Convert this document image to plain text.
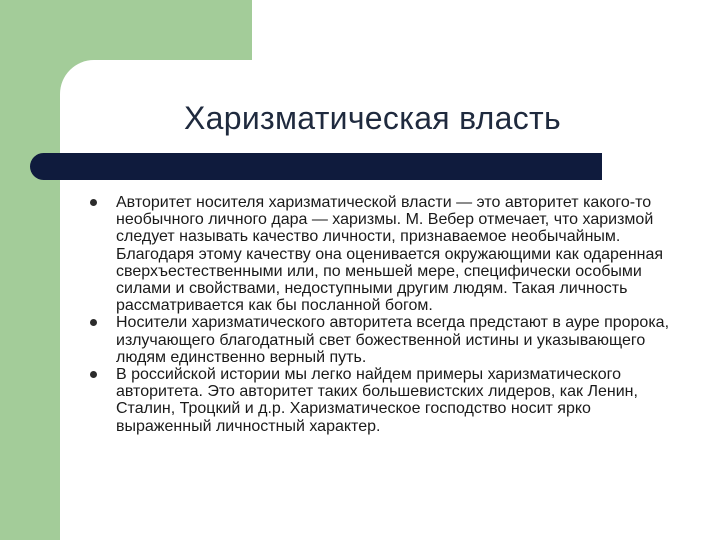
Харизматическая власть
Авторитет носителя харизматической власти — это авторитет какого-то необычного личного дара — харизмы. М. Вебер отмечает, что харизмой следует называть качество личности, признаваемое необычайным. Благодаря этому качеству она оценивается окружающими как одаренная сверхъестественными или, по меньшей мере, специфически особыми силами и свойствами, недоступными другим людям. Такая личность рассматривается как бы посланной богом.
Носители харизматического авторитета всегда предстают в ауре пророка, излучающего благодатный свет божественной истины и указывающего людям единственно верный путь.
В российской истории мы легко найдем примеры харизматического авторитета. Это авторитет таких большевистских лидеров, как Ленин, Сталин, Троцкий и д.р. Харизматическое господство носит ярко выраженный личностный характер.
